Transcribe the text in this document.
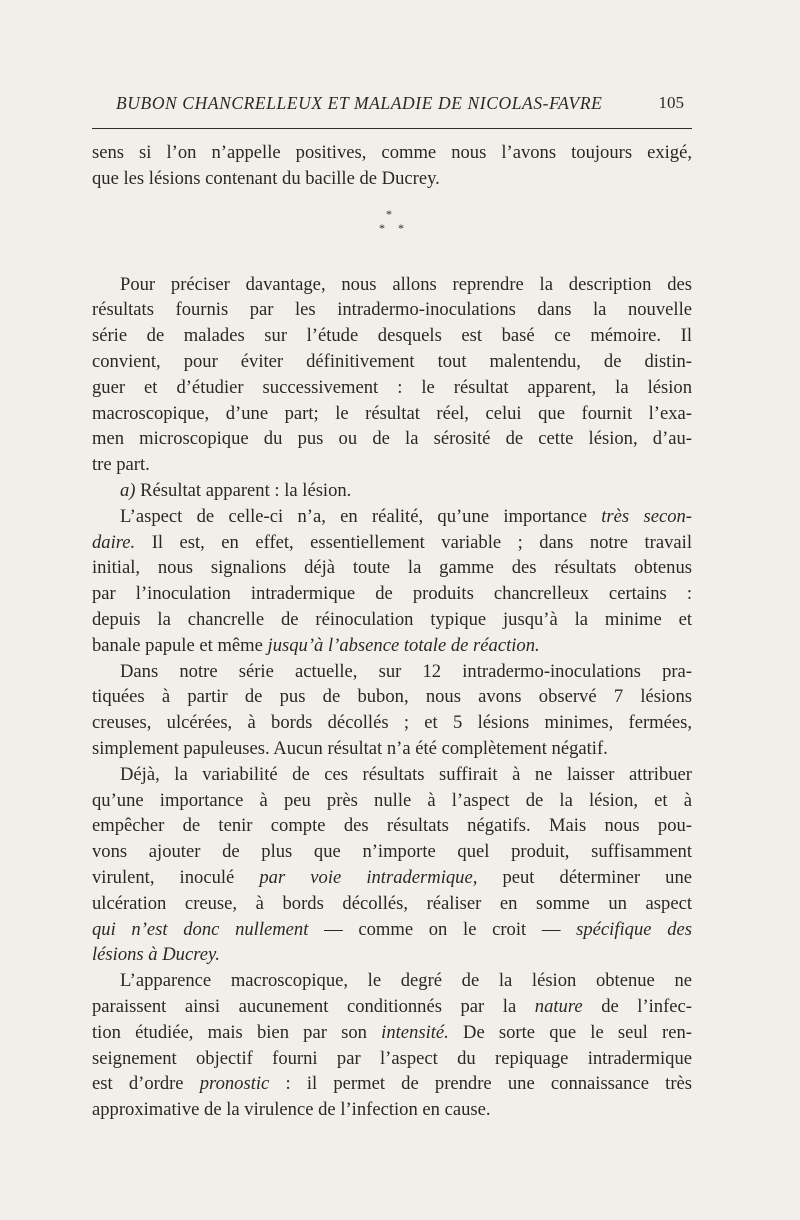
BUBON CHANCRELLEUX ET MALADIE DE NICOLAS-FAVRE	105
sens si l’on n’appelle positives, comme nous l’avons toujours exigé,
que les lésions contenant du bacille de Ducrey.
*
* *
Pour préciser davantage, nous allons reprendre la description des
résultats fournis par les intradermo-inoculations dans la nouvelle
série de malades sur l’étude desquels est basé ce mémoire. Il
convient, pour éviter définitivement tout malentendu, de distin-
guer et d’étudier successivement : le résultat apparent, la lésion
macroscopique, d’une part; le résultat réel, celui que fournit l’exa-
men microscopique du pus ou de la sérosité de cette lésion, d’au-
tre part.
a) Résultat apparent : la lésion.
L’aspect de celle-ci n’a, en réalité, qu’une importance très secon-
daire. Il est, en effet, essentiellement variable ; dans notre travail
initial, nous signalions déjà toute la gamme des résultats obtenus
par l’inoculation intradermique de produits chancrelleux certains :
depuis la chancrelle de réinoculation typique jusqu’à la minime et
banale papule et même jusqu’à l’absence totale de réaction.
Dans notre série actuelle, sur 12 intradermo-inoculations pra-
tiquées à partir de pus de bubon, nous avons observé 7 lésions
creuses, ulcérées, à bords décollés ; et 5 lésions minimes, fermées,
simplement papuleuses. Aucun résultat n’a été complètement négatif.
Déjà, la variabilité de ces résultats suffirait à ne laisser attribuer
qu’une importance à peu près nulle à l’aspect de la lésion, et à
empêcher de tenir compte des résultats négatifs. Mais nous pou-
vons ajouter de plus que n’importe quel produit, suffisamment
virulent, inoculé par voie intradermique, peut déterminer une
ulcération creuse, à bords décollés, réaliser en somme un aspect
qui n’est donc nullement — comme on le croit — spécifique des
lésions à Ducrey.
L’apparence macroscopique, le degré de la lésion obtenue ne
paraissent ainsi aucunement conditionnés par la nature de l’infec-
tion étudiée, mais bien par son intensité. De sorte que le seul ren-
seignement objectif fourni par l’aspect du repiquage intradermique
est d’ordre pronostic : il permet de prendre une connaissance très
approximative de la virulence de l’infection en cause.
